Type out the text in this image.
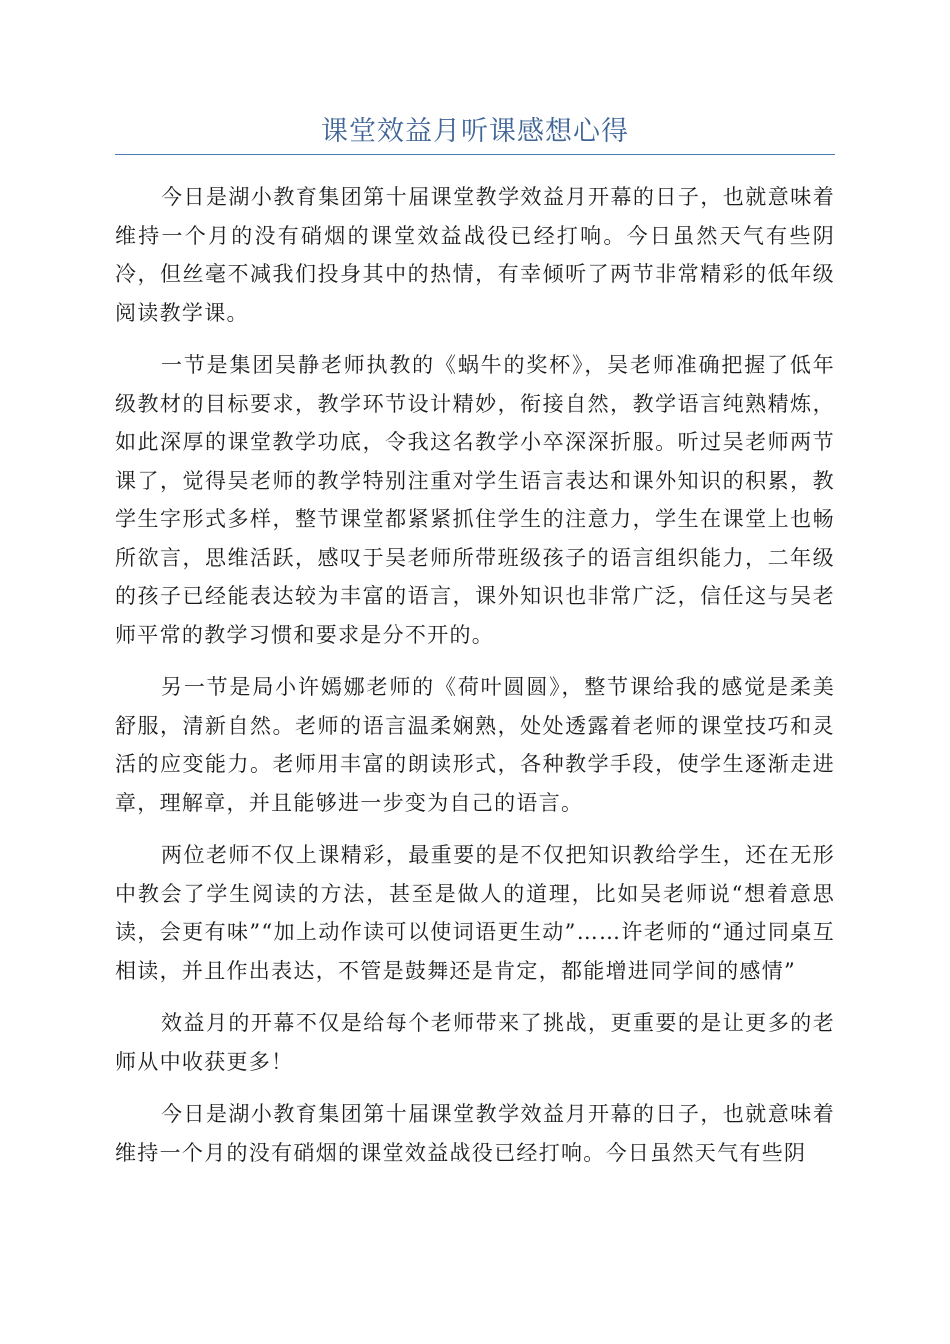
课堂效益月听课感想心得

今日是湖小教育集团第十届课堂教学效益月开幕的日子，也就意味着维持一个月的没有硝烟的课堂效益战役已经打响。今日虽然天气有些阴冷，但丝毫不减我们投身其中的热情，有幸倾听了两节非常精彩的低年级阅读教学课。

一节是集团吴静老师执教的《蜗牛的奖杯》，吴老师准确把握了低年级教材的目标要求，教学环节设计精妙，衔接自然，教学语言纯熟精炼，如此深厚的课堂教学功底，令我这名教学小卒深深折服。听过吴老师两节课了，觉得吴老师的教学特别注重对学生语言表达和课外知识的积累，教学生字形式多样，整节课堂都紧紧抓住学生的注意力，学生在课堂上也畅所欲言，思维活跃，感叹于吴老师所带班级孩子的语言组织能力，二年级的孩子已经能表达较为丰富的语言，课外知识也非常广泛，信任这与吴老师平常的教学习惯和要求是分不开的。

另一节是局小许嫣娜老师的《荷叶圆圆》，整节课给我的感觉是柔美舒服，清新自然。老师的语言温柔娴熟，处处透露着老师的课堂技巧和灵活的应变能力。老师用丰富的朗读形式，各种教学手段，使学生逐渐走进章，理解章，并且能够进一步变为自己的语言。

两位老师不仅上课精彩，最重要的是不仅把知识教给学生，还在无形中教会了学生阅读的方法，甚至是做人的道理，比如吴老师说“想着意思读，会更有味”“加上动作读可以使词语更生动”……许老师的“通过同桌互相读，并且作出表达，不管是鼓舞还是肯定，都能增进同学间的感情”

效益月的开幕不仅是给每个老师带来了挑战，更重要的是让更多的老师从中收获更多！

今日是湖小教育集团第十届课堂教学效益月开幕的日子，也就意味着维持一个月的没有硝烟的课堂效益战役已经打响。今日虽然天气有些阴
